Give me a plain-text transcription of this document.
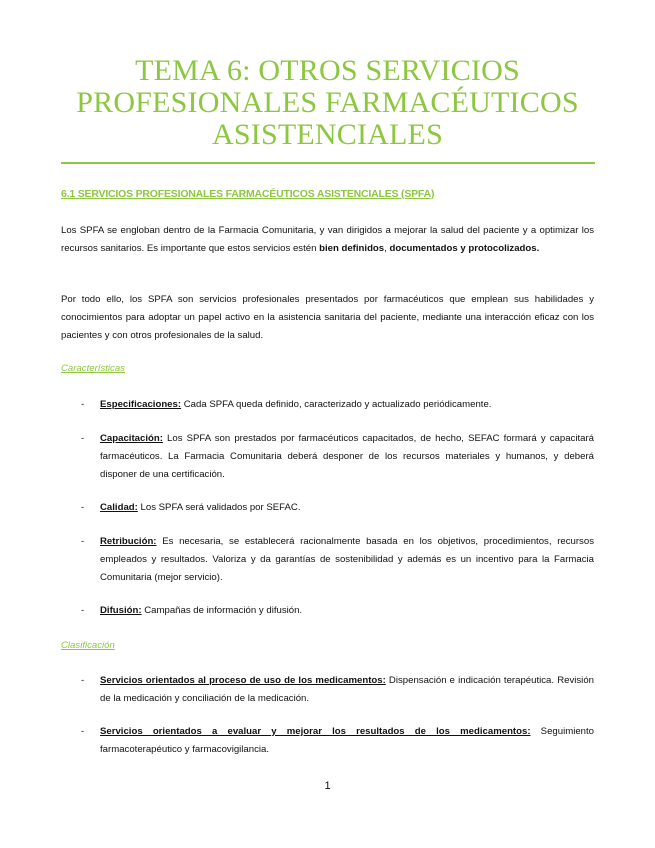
TEMA 6: OTROS SERVICIOS
PROFESIONALES FARMACÉUTICOS
ASISTENCIALES
6.1 SERVICIOS PROFESIONALES FARMACÉUTICOS ASISTENCIALES (SPFA)
Los SPFA se engloban dentro de la Farmacia Comunitaria, y van dirigidos a mejorar la salud del paciente y a optimizar los recursos sanitarios. Es importante que estos servicios estén bien definidos, documentados y protocolizados.
Por todo ello, los SPFA son servicios profesionales presentados por farmacéuticos que emplean sus habilidades y conocimientos para adoptar un papel activo en la asistencia sanitaria del paciente, mediante una interacción eficaz con los pacientes y con otros profesionales de la salud.
Características
- Especificaciones: Cada SPFA queda definido, caracterizado y actualizado periódicamente.
- Capacitación: Los SPFA son prestados por farmacéuticos capacitados, de hecho, SEFAC formará y capacitará farmacéuticos. La Farmacia Comunitaria deberá desponer de los recursos materiales y humanos, y deberá disponer de una certificación.
- Calidad: Los SPFA será validados por SEFAC.
- Retribución: Es necesaria, se establecerá racionalmente basada en los objetivos, procedimientos, recursos empleados y resultados. Valoriza y da garantías de sostenibilidad y además es un incentivo para la Farmacia Comunitaria (mejor servicio).
- Difusión: Campañas de información y difusión.
Clasificación
- Servicios orientados al proceso de uso de los medicamentos: Dispensación e indicación terapéutica. Revisión de la medicación y conciliación de la medicación.
- Servicios orientados a evaluar y mejorar los resultados de los medicamentos: Seguimiento farmacoterapéutico y farmacovigilancia.
1
